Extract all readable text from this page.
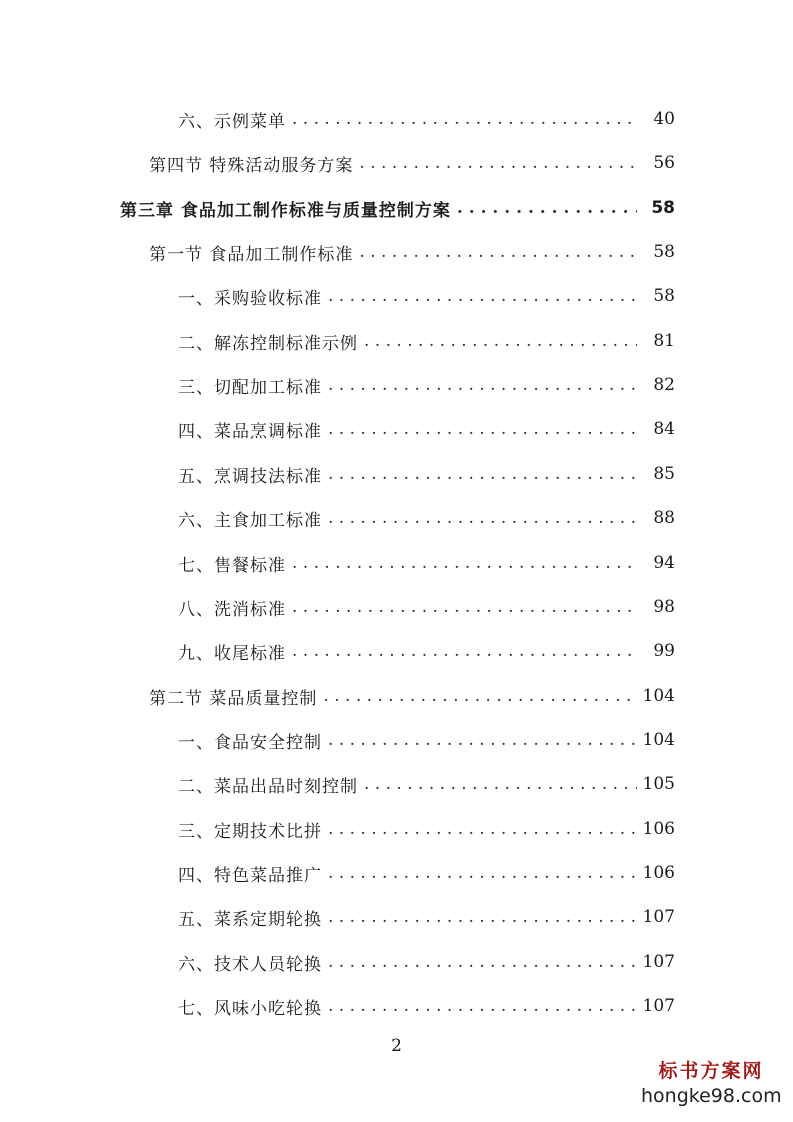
六、示例菜单 . . .	40
第四节 特殊活动服务方案 . . .	56
第三章 食品加工制作标准与质量控制方案 . . .	58
第一节 食品加工制作标准 . . .	58
一、采购验收标准 . . .	58
二、解冻控制标准示例 . . .	81
三、切配加工标准 . . .	82
四、菜品烹调标准 . . .	84
五、烹调技法标准 . . .	85
六、主食加工标准 . . .	88
七、售餐标准 . . .	94
八、洗消标准 . . .	98
九、收尾标准 . . .	99
第二节 菜品质量控制 . . .	104
一、食品安全控制 . . .	104
二、菜品出品时刻控制 . . .	105
三、定期技术比拼 . . .	106
四、特色菜品推广 . . .	106
五、菜系定期轮换 . . .	107
六、技术人员轮换 . . .	107
七、风味小吃轮换 . . .	107
2
标书方案网
hongke98.com
